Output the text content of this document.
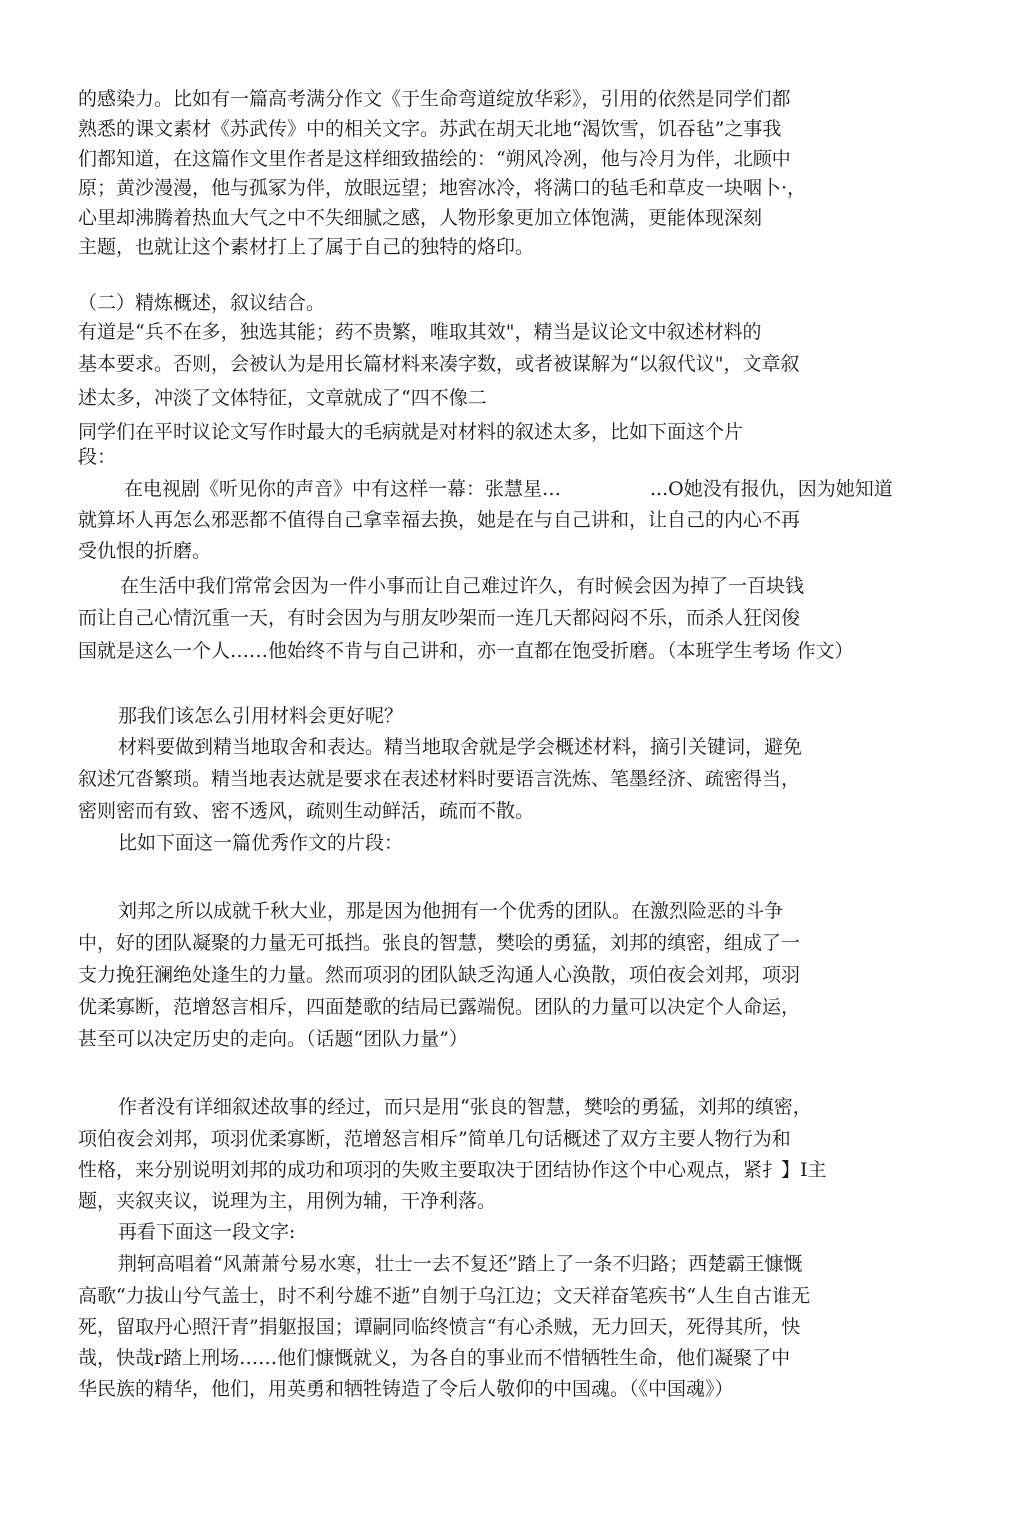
的感染力。比如有一篇高考满分作文《于生命弯道绽放华彩》，引用的依然是同学们都
熟悉的课文素材《苏武传》中的相关文字。苏武在胡天北地“渴饮雪，饥吞毡”之事我
们都知道，在这篇作文里作者是这样细致描绘的：“朔风冷冽，他与冷月为伴，北顾中
原；黄沙漫漫，他与孤冢为伴，放眼远望；地窖冰冷，将满口的毡毛和草皮一块咽卜·，
心里却沸腾着热血大气之中不失细腻之感，人物形象更加立体饱满，更能体现深刻
主题，也就让这个素材打上了属于自己的独特的烙印。
（二）精炼概述，叙议结合。
有道是“兵不在多，独选其能；药不贵繁，唯取其效"，精当是议论文中叙述材料的
基本要求。否则，会被认为是用长篇材料来凑字数，或者被谋解为“以叙代议"，文章叙
述太多，冲淡了文体特征，文章就成了“四不像二
同学们在平时议论文写作时最大的毛病就是对材料的叙述太多，比如下面这个片
段：
在电视剧《听见你的声音》中有这样一幕：张慧星…	...O她没有报仇，因为她知道
就算坏人再怎么邪恶都不值得自己拿幸福去换，她是在与自己讲和，让自己的内心不再
受仇恨的折磨。
在生活中我们常常会因为一件小事而让自己难过许久，有时候会因为掉了一百块钱
而让自己心情沉重一天，有时会因为与朋友吵架而一连几天都闷闷不乐，而杀人狂闵俊
国就是这么一个人……他始终不肯与自己讲和，亦一直都在饱受折磨。（本班学生考场 作文）
那我们该怎么引用材料会更好呢？
材料要做到精当地取舍和表达。精当地取舍就是学会概述材料，摘引关键词，避免
叙述冗沓繁琐。精当地表达就是要求在表述材料时要语言洗炼、笔墨经济、疏密得当，
密则密而有致、密不透风，疏则生动鲜活，疏而不散。
比如下面这一篇优秀作文的片段：
刘邦之所以成就千秋大业，那是因为他拥有一个优秀的团队。在激烈险恶的斗争
中，好的团队凝聚的力量无可抵挡。张良的智慧，樊哙的勇猛，刘邦的缜密，组成了一
支力挽狂澜绝处逢生的力量。然而项羽的团队缺乏沟通人心涣散，项伯夜会刘邦，项羽
优柔寡断，范增怒言相斥，四面楚歌的结局已露端倪。团队的力量可以决定个人命运，
甚至可以决定历史的走向。（话题“团队力量”）
作者没有详细叙述故事的经过，而只是用“张良的智慧，樊哙的勇猛，刘邦的缜密，
项伯夜会刘邦，项羽优柔寡断，范增怒言相斥”简单几句话概述了双方主要人物行为和
性格，来分别说明刘邦的成功和项羽的失败主要取决于团结协作这个中心观点，紧扌】I主
题，夹叙夹议，说理为主，用例为辅，干净利落。
再看下面这一段文字:
荆轲高唱着“风萧萧兮易水寒，壮士一去不复还”踏上了一条不归路；西楚霸王慷慨
高歌“力拔山兮气盖士，时不利兮雄不逝”自刎于乌江边；文天祥奋笔疾书“人生自古谁无
死，留取丹心照汗青”捐躯报国；谭嗣同临终愤言“有心杀贼，无力回天，死得其所，快
哉，快哉r踏上刑场……他们慷慨就义，为各自的事业而不惜牺牲生命，他们凝聚了中
华民族的精华，他们，用英勇和牺牲铸造了令后人敬仰的中国魂。（《中国魂》）
